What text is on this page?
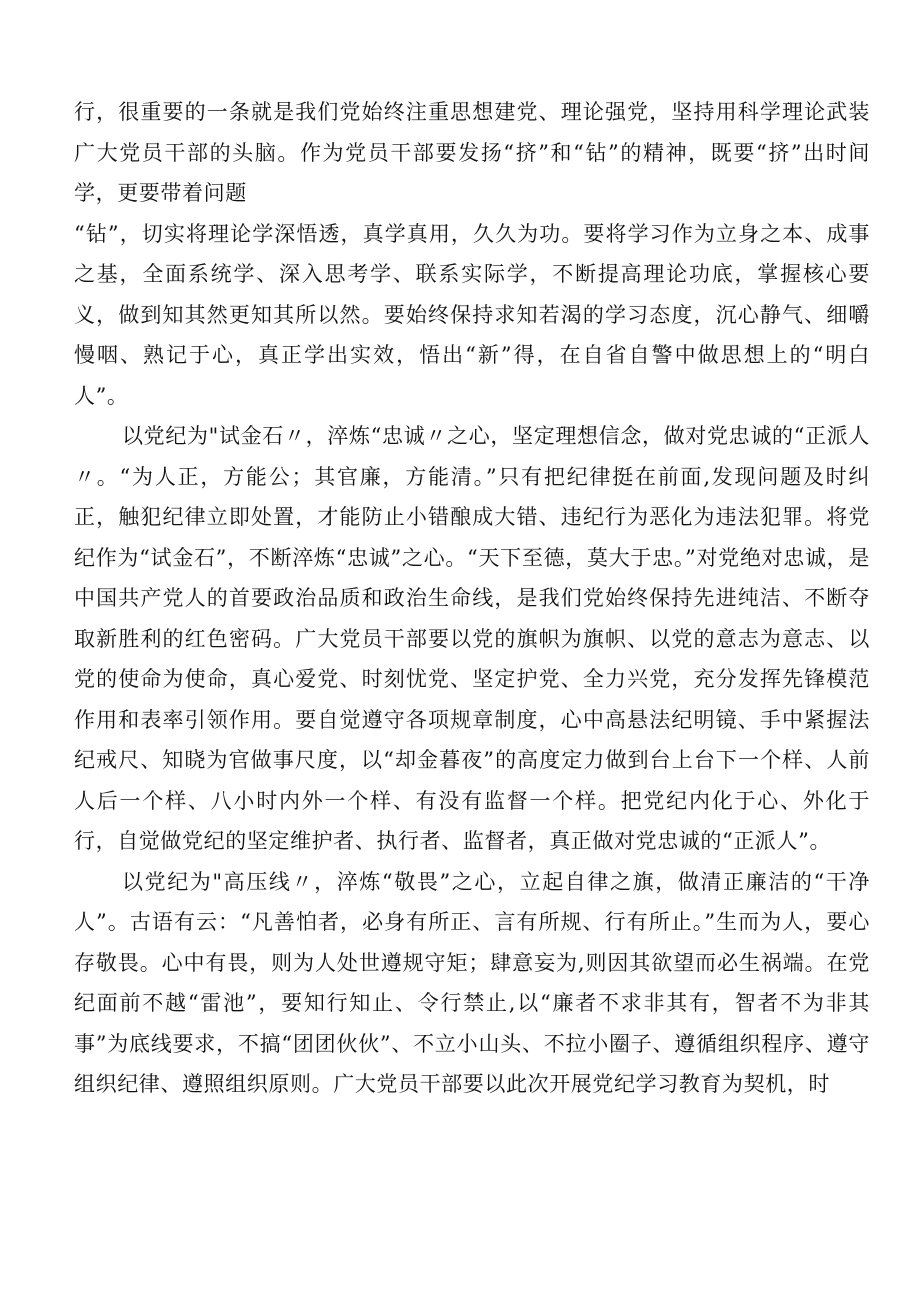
行，很重要的一条就是我们党始终注重思想建党、理论强党，坚持用科学理论武装广大党员干部的头脑。作为党员干部要发扬“挤”和“钻”的精神，既要“挤”出时间学，更要带着问题

“钻”，切实将理论学深悟透，真学真用，久久为功。要将学习作为立身之本、成事之基，全面系统学、深入思考学、联系实际学，不断提高理论功底，掌握核心要义，做到知其然更知其所以然。要始终保持求知若渴的学习态度，沉心静气、细嚼慢咽、熟记于心，真正学出实效，悟出“新”得，在自省自警中做思想上的“明白人”。

以党纪为"试金石〃，淬炼“忠诚〃之心，坚定理想信念，做对党忠诚的“正派人〃。“为人正，方能公；其官廉，方能清。”只有把纪律挺在前面,发现问题及时纠正，触犯纪律立即处置，才能防止小错酿成大错、违纪行为恶化为违法犯罪。将党纪作为“试金石”，不断淬炼“忠诚”之心。“天下至德，莫大于忠。”对党绝对忠诚，是中国共产党人的首要政治品质和政治生命线，是我们党始终保持先进纯洁、不断夺取新胜利的红色密码。广大党员干部要以党的旗帜为旗帜、以党的意志为意志、以党的使命为使命，真心爱党、时刻忧党、坚定护党、全力兴党，充分发挥先锋模范作用和表率引领作用。要自觉遵守各项规章制度，心中高悬法纪明镜、手中紧握法纪戒尺、知晓为官做事尺度，以“却金暮夜”的高度定力做到台上台下一个样、人前人后一个样、八小时内外一个样、有没有监督一个样。把党纪内化于心、外化于行，自觉做党纪的坚定维护者、执行者、监督者，真正做对党忠诚的“正派人”。

以党纪为"高压线〃，淬炼“敬畏”之心，立起自律之旗，做清正廉洁的“干净人”。古语有云：“凡善怕者，必身有所正、言有所规、行有所止。”生而为人，要心存敬畏。心中有畏，则为人处世遵规守矩；肆意妄为,则因其欲望而必生祸端。在党纪面前不越“雷池”，要知行知止、令行禁止,以“廉者不求非其有，智者不为非其事”为底线要求，不搞“团团伙伙”、不立小山头、不拉小圈子、遵循组织程序、遵守组织纪律、遵照组织原则。广大党员干部要以此次开展党纪学习教育为契机，时
